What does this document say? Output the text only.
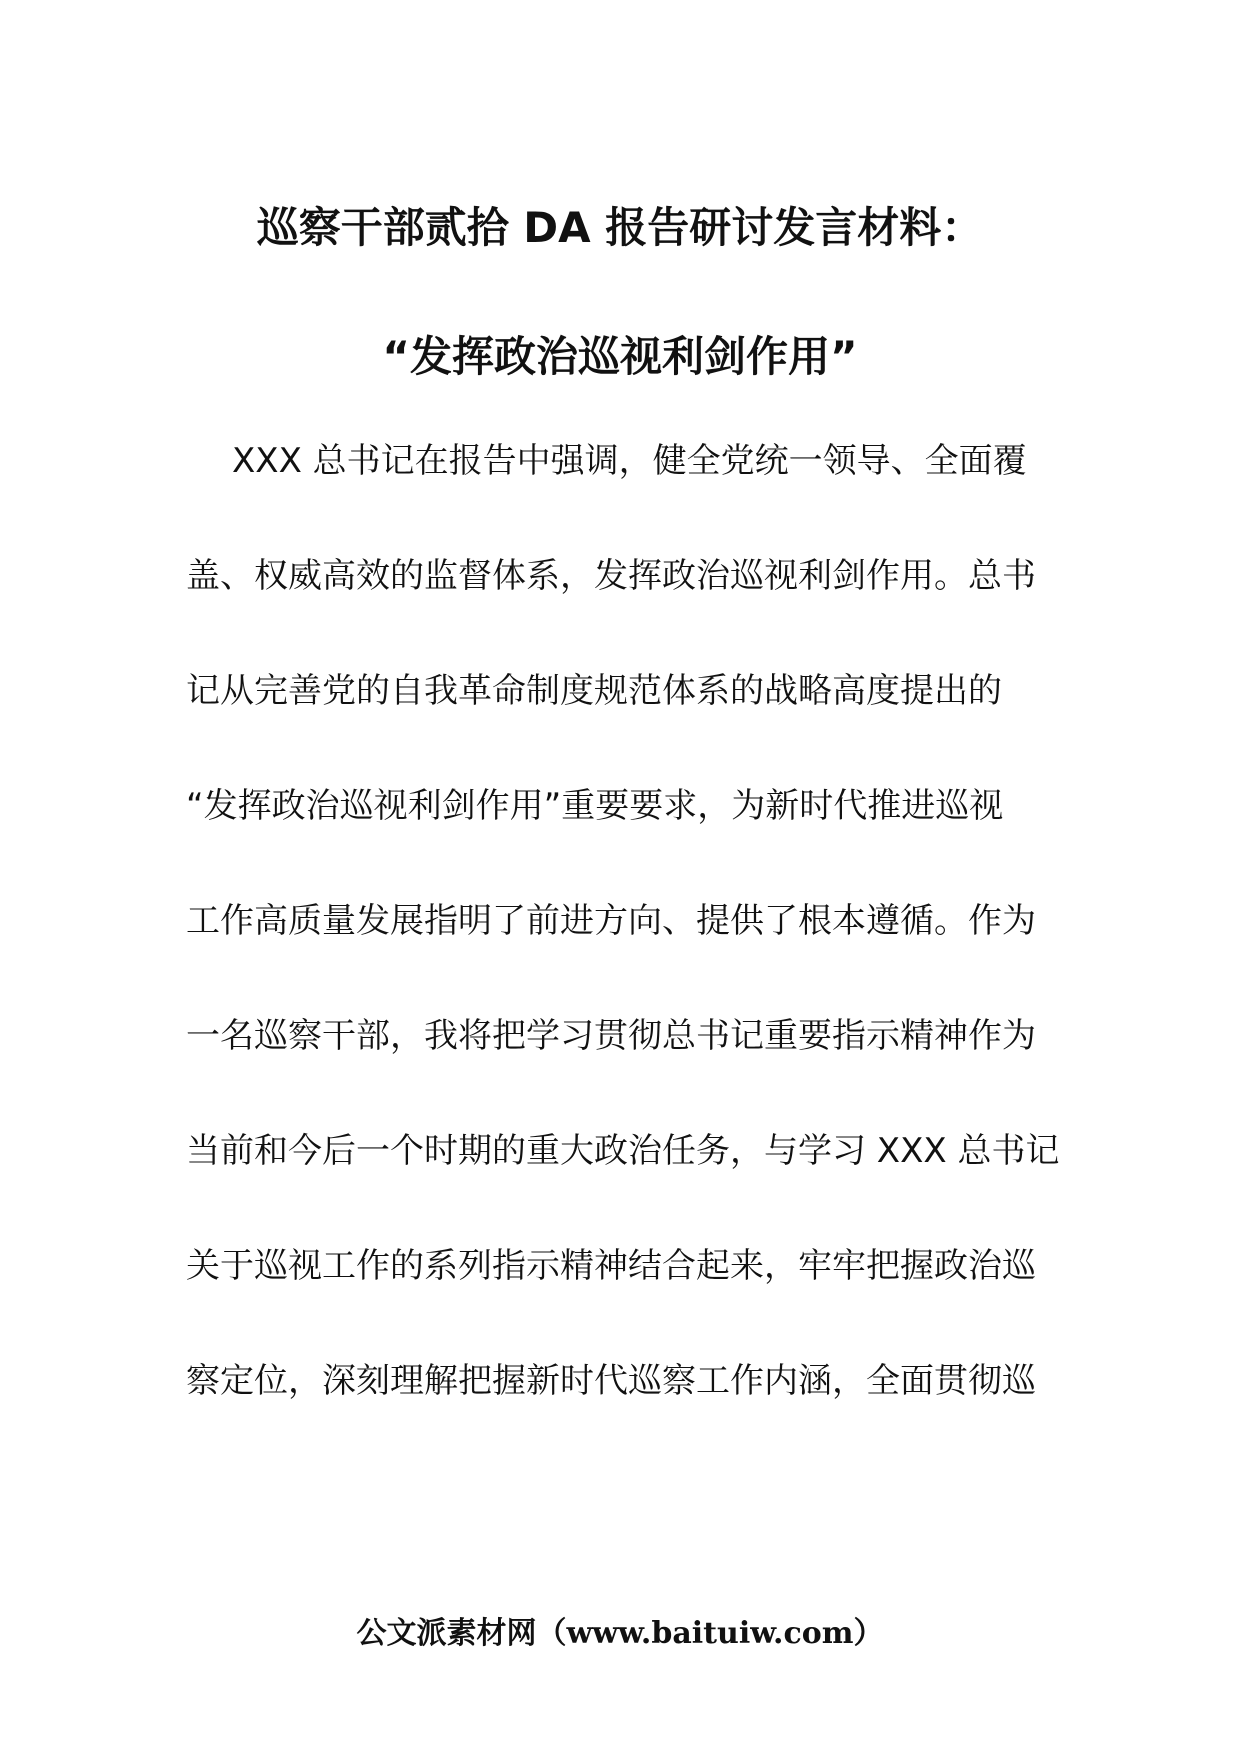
巡察干部贰拾 DA 报告研讨发言材料：
“发挥政治巡视利剑作用”
XXX 总书记在报告中强调，健全党统一领导、全面覆
盖、权威高效的监督体系，发挥政治巡视利剑作用。总书
记从完善党的自我革命制度规范体系的战略高度提出的
“发挥政治巡视利剑作用”重要要求，为新时代推进巡视
工作高质量发展指明了前进方向、提供了根本遵循。作为
一名巡察干部，我将把学习贯彻总书记重要指示精神作为
当前和今后一个时期的重大政治任务，与学习 XXX 总书记
关于巡视工作的系列指示精神结合起来，牢牢把握政治巡
察定位，深刻理解把握新时代巡察工作内涵，全面贯彻巡
公文派素材网（www.baituiw.com）
